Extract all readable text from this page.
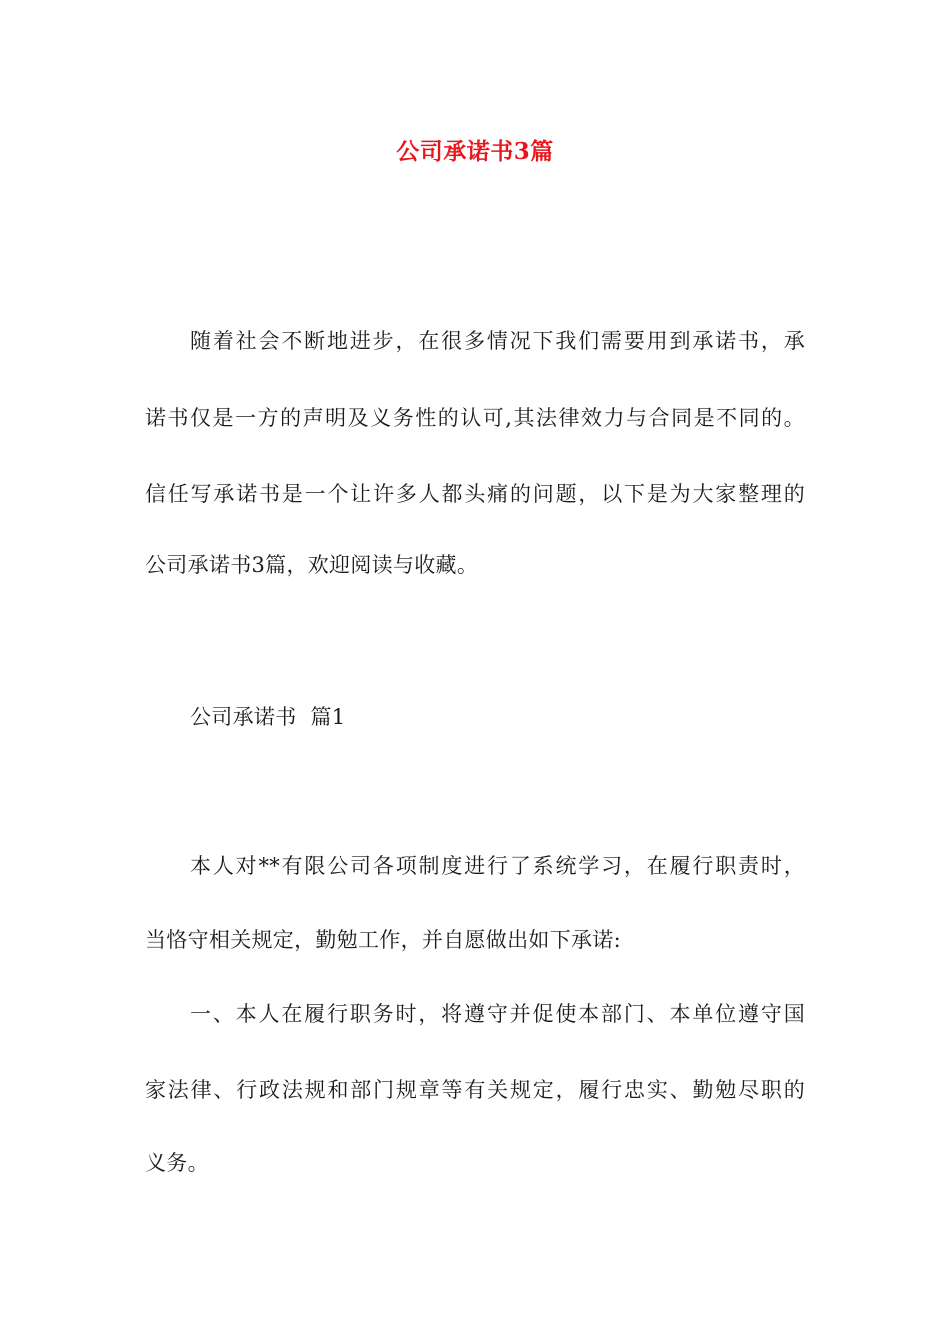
公司承诺书3篇
随着社会不断地进步，在很多情况下我们需要用到承诺书，承
诺书仅是一方的声明及义务性的认可,其法律效力与合同是不同的。
信任写承诺书是一个让许多人都头痛的问题，以下是为大家整理的
公司承诺书3篇，欢迎阅读与收藏。
公司承诺书  篇1
本人对**有限公司各项制度进行了系统学习，在履行职责时，
当恪守相关规定，勤勉工作，并自愿做出如下承诺:
一、本人在履行职务时，将遵守并促使本部门、本单位遵守国
家法律、行政法规和部门规章等有关规定，履行忠实、勤勉尽职的
义务。
